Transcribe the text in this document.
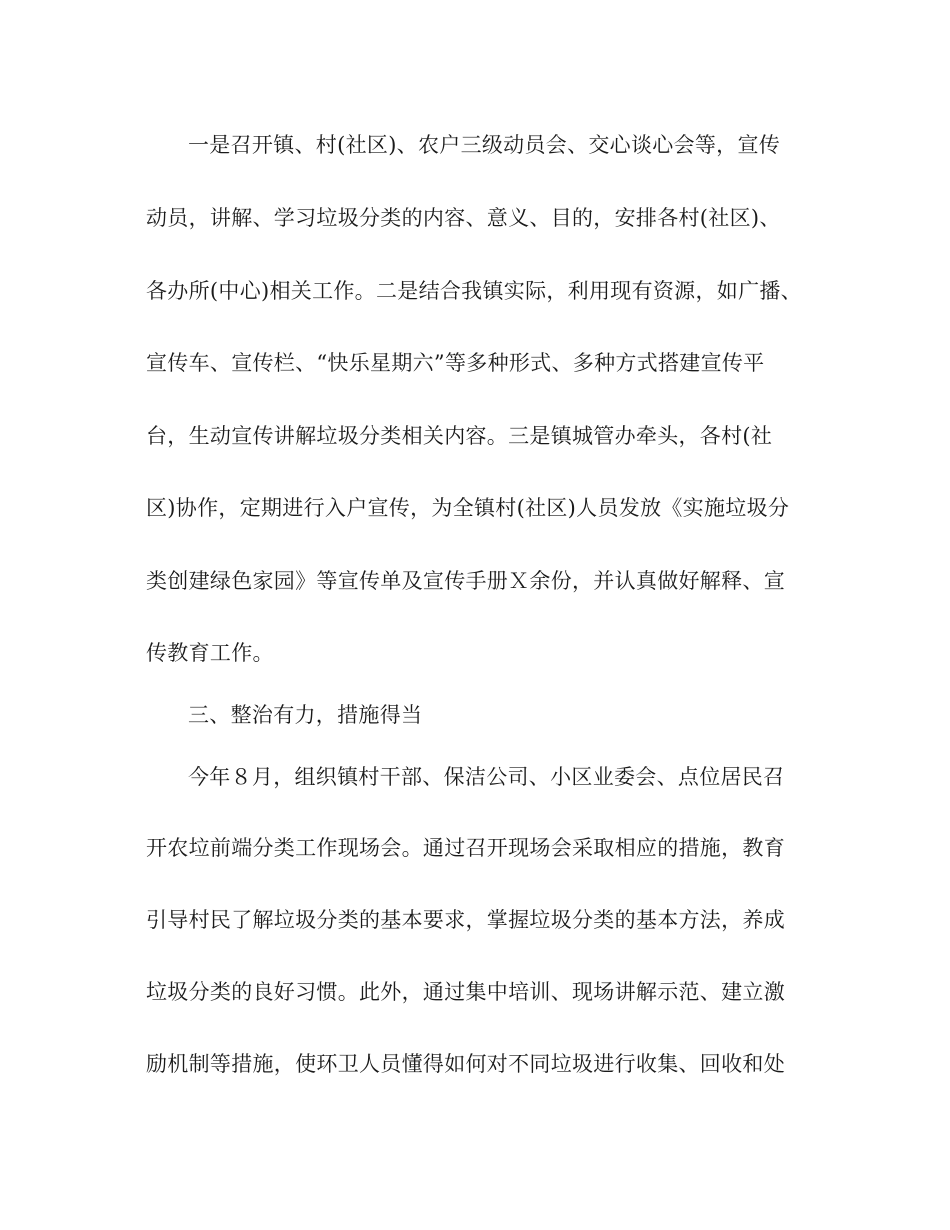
一是召开镇、村(社区)、农户三级动员会、交心谈心会等，宣传

动员，讲解、学习垃圾分类的内容、意义、目的，安排各村(社区)、

各办所(中心)相关工作。二是结合我镇实际，利用现有资源，如广播、

宣传车、宣传栏、“快乐星期六”等多种形式、多种方式搭建宣传平

台，生动宣传讲解垃圾分类相关内容。三是镇城管办牵头，各村(社

区)协作，定期进行入户宣传，为全镇村(社区)人员发放《实施垃圾分

类创建绿色家园》等宣传单及宣传手册Ｘ余份，并认真做好解释、宣

传教育工作。

三、整治有力，措施得当

今年８月，组织镇村干部、保洁公司、小区业委会、点位居民召

开农垃前端分类工作现场会。通过召开现场会采取相应的措施，教育

引导村民了解垃圾分类的基本要求，掌握垃圾分类的基本方法，养成

垃圾分类的良好习惯。此外，通过集中培训、现场讲解示范、建立激

励机制等措施，使环卫人员懂得如何对不同垃圾进行收集、回收和处
